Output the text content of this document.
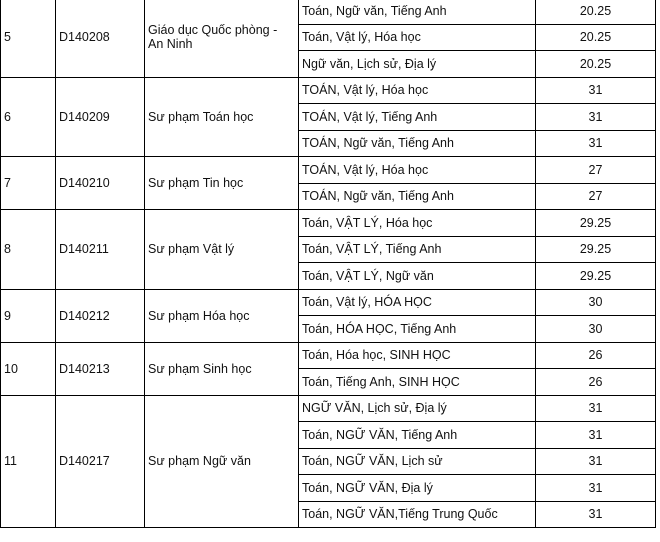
5	D140208	Giáo dục Quốc phòng - An Ninh	Toán, Ngữ văn, Tiếng Anh	20.25
			Toán, Vật lý, Hóa học	20.25
			Ngữ văn, Lịch sử, Địa lý	20.25
6	D140209	Sư phạm Toán học	TOÁN, Vật lý, Hóa học	31
			TOÁN, Vật lý, Tiếng Anh	31
			TOÁN, Ngữ văn, Tiếng Anh	31
7	D140210	Sư phạm Tin học	TOÁN, Vật lý, Hóa học	27
			TOÁN, Ngữ văn, Tiếng Anh	27
8	D140211	Sư phạm Vật lý	Toán, VẬT LÝ, Hóa học	29.25
			Toán, VẬT LÝ, Tiếng Anh	29.25
			Toán, VẬT LÝ, Ngữ văn	29.25
9	D140212	Sư phạm Hóa học	Toán, Vật lý, HÓA HỌC	30
			Toán, HÓA HỌC, Tiếng Anh	30
10	D140213	Sư phạm Sinh học	Toán, Hóa học, SINH HỌC	26
			Toán, Tiếng Anh, SINH HỌC	26
11	D140217	Sư phạm Ngữ văn	NGỮ VĂN, Lịch sử, Địa lý	31
			Toán, NGỮ VĂN, Tiếng Anh	31
			Toán, NGỮ VĂN, Lịch sử	31
			Toán, NGỮ VĂN, Địa lý	31
			Toán, NGỮ VĂN,Tiếng Trung Quốc	31
